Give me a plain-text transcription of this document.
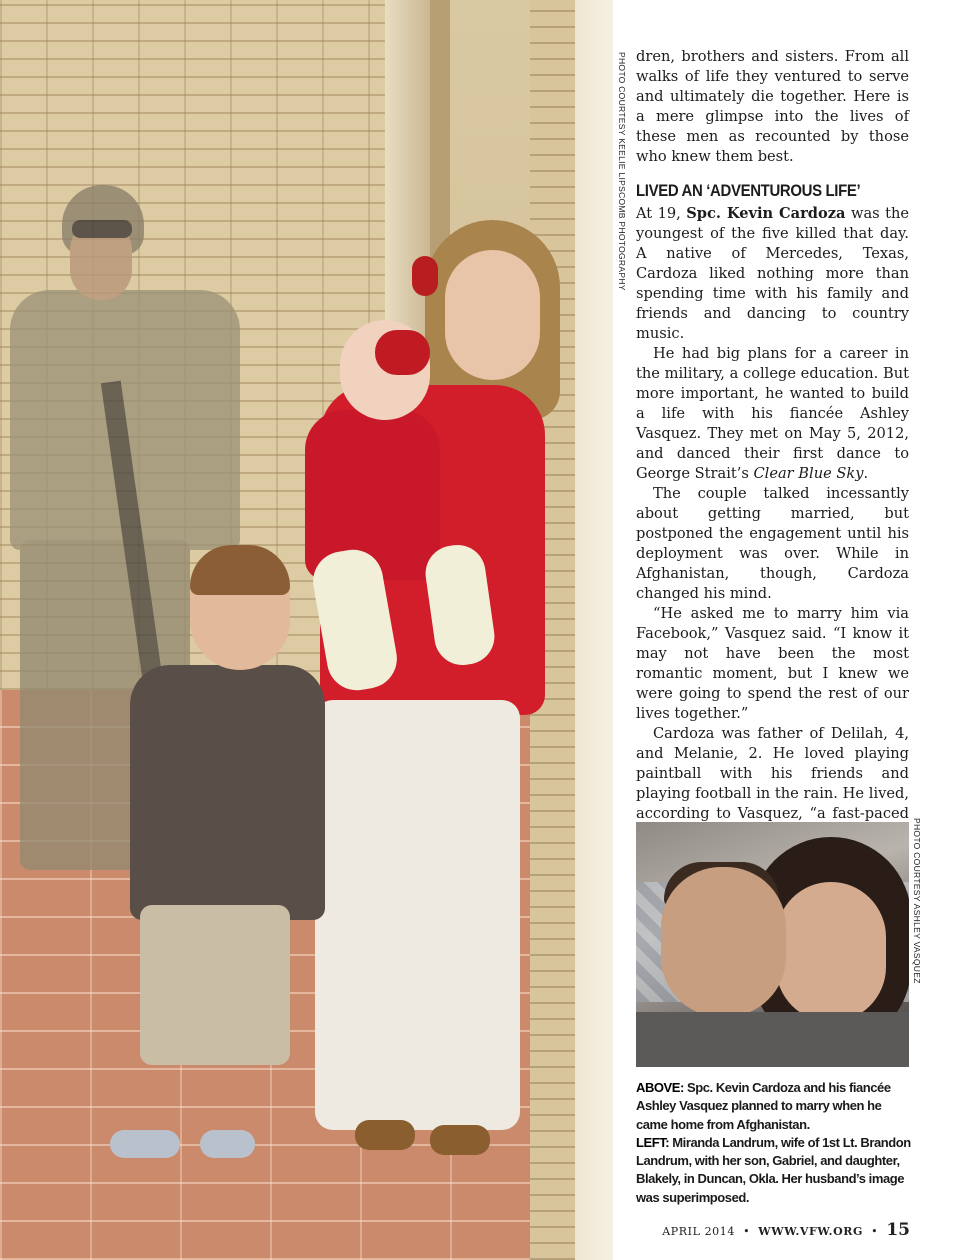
PHOTO COURTESY KEELIE LIPSCOMB PHOTOGRAPHY dren, brothers and sisters. From all walks of life they ventured to serve and ultimately die together. Here is a mere glimpse into the lives of these men as recounted by those who knew them best.

LIVED AN ‘ADVENTUROUS LIFE’

At 19, Spc. Kevin Cardoza was the youngest of the five killed that day. A native of Mercedes, Texas, Cardoza liked nothing more than spending time with his family and friends and dancing to country music.

He had big plans for a career in the military, a college education. But more important, he wanted to build a life with his fiancée Ashley Vasquez. They met on May 5, 2012, and danced their first dance to George Strait’s Clear Blue Sky.

The couple talked incessantly about getting married, but postponed the engagement until his deployment was over. While in Afghanistan, though, Cardoza changed his mind.

“He asked me to marry him via Facebook,” Vasquez said. “I know it may not have been the most romantic moment, but I knew we were going to spend the rest of our lives together.”

Cardoza was father of Delilah, 4, and Melanie, 2. He loved playing paintball with his friends and playing football in the rain. He lived, according to Vasquez, “a fast-paced

PHOTO COURTESY ASHLEY VASQUEZ
ABOVE: Spc. Kevin Cardoza and his fiancée Ashley Vasquez planned to marry when he came home from Afghanistan.
LEFT: Miranda Landrum, wife of 1st Lt. Brandon Landrum, with her son, Gabriel, and daughter, Blakely, in Duncan, Okla. Her husband’s image was superimposed.
APRIL 2014 • WWW.VFW.ORG • 15
